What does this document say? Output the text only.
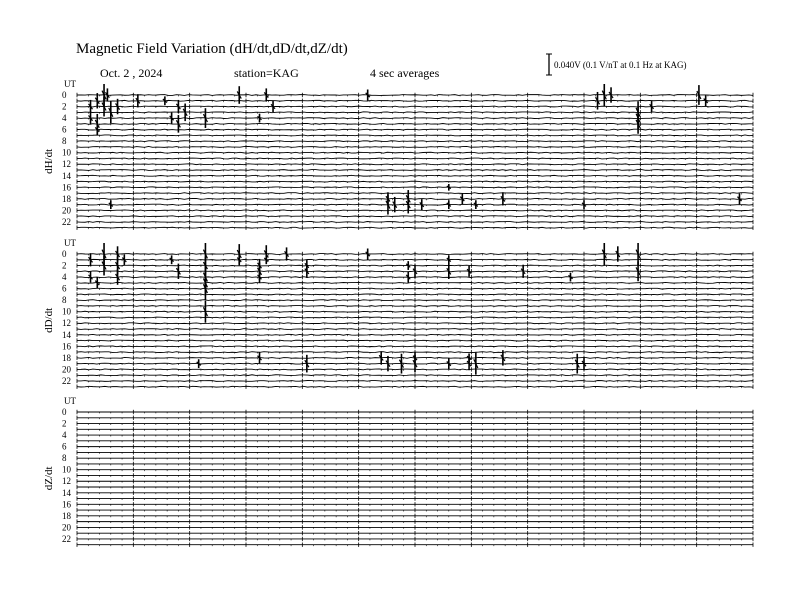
Magnetic Field Variation (dH/dt,dD/dt,dZ/dt)
Oct. 2 , 2024	station=KAG	4 sec averages
0.040V (0.1 V/nT at 0.1 Hz at KAG)
UT
dH/dt
0
2
4
6
8
10
12
14
16
18
20
22
UT
dD/dt
0
2
4
6
8
10
12
14
16
18
20
22
UT
dZ/dt
0
2
4
6
8
10
12
14
16
18
20
22
